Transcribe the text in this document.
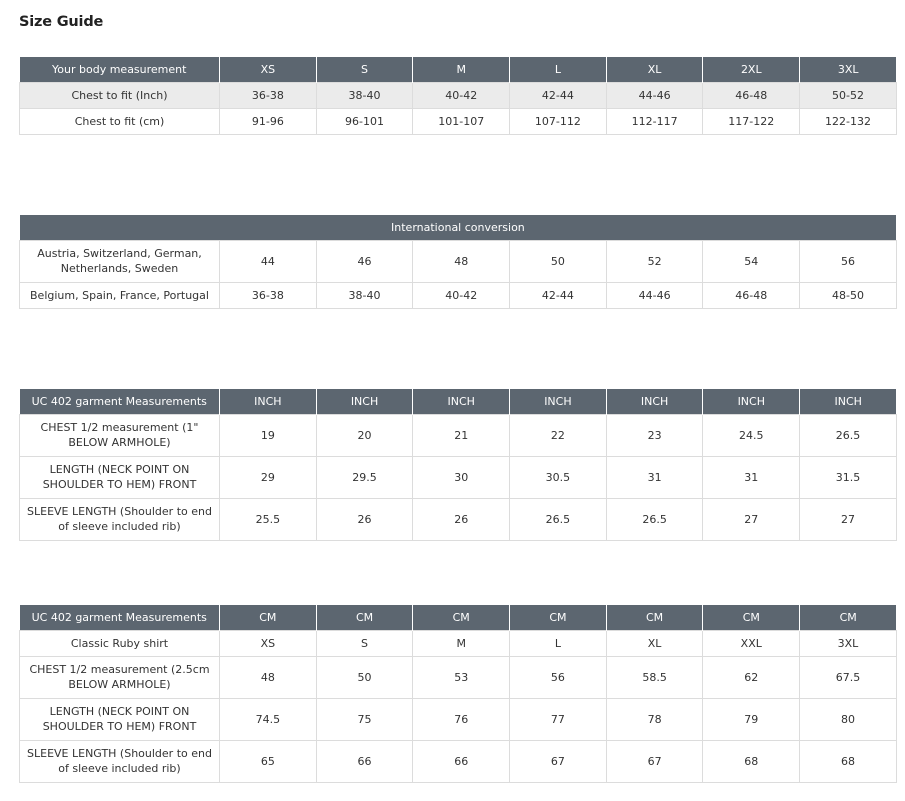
Size Guide
Your body measurement	XS	S	M	L	XL	2XL	3XL
Chest to fit (Inch)	36-38	38-40	40-42	42-44	44-46	46-48	50-52
Chest to fit (cm)	91-96	96-101	101-107	107-112	112-117	117-122	122-132
International conversion							
Austria, Switzerland, German, Netherlands, Sweden	44	46	48	50	52	54	56
Belgium, Spain, France, Portugal	36-38	38-40	40-42	42-44	44-46	46-48	48-50
UC 402 garment Measurements	INCH	INCH	INCH	INCH	INCH	INCH	INCH
CHEST 1/2 measurement (1" BELOW ARMHOLE)	19	20	21	22	23	24.5	26.5
LENGTH (NECK POINT ON SHOULDER TO HEM) FRONT	29	29.5	30	30.5	31	31	31.5
SLEEVE LENGTH (Shoulder to end of sleeve included rib)	25.5	26	26	26.5	26.5	27	27
UC 402 garment Measurements	CM	CM	CM	CM	CM	CM	CM
Classic Ruby shirt	XS	S	M	L	XL	XXL	3XL
CHEST 1/2 measurement (2.5cm BELOW ARMHOLE)	48	50	53	56	58.5	62	67.5
LENGTH (NECK POINT ON SHOULDER TO HEM) FRONT	74.5	75	76	77	78	79	80
SLEEVE LENGTH (Shoulder to end of sleeve included rib)	65	66	66	67	67	68	68
